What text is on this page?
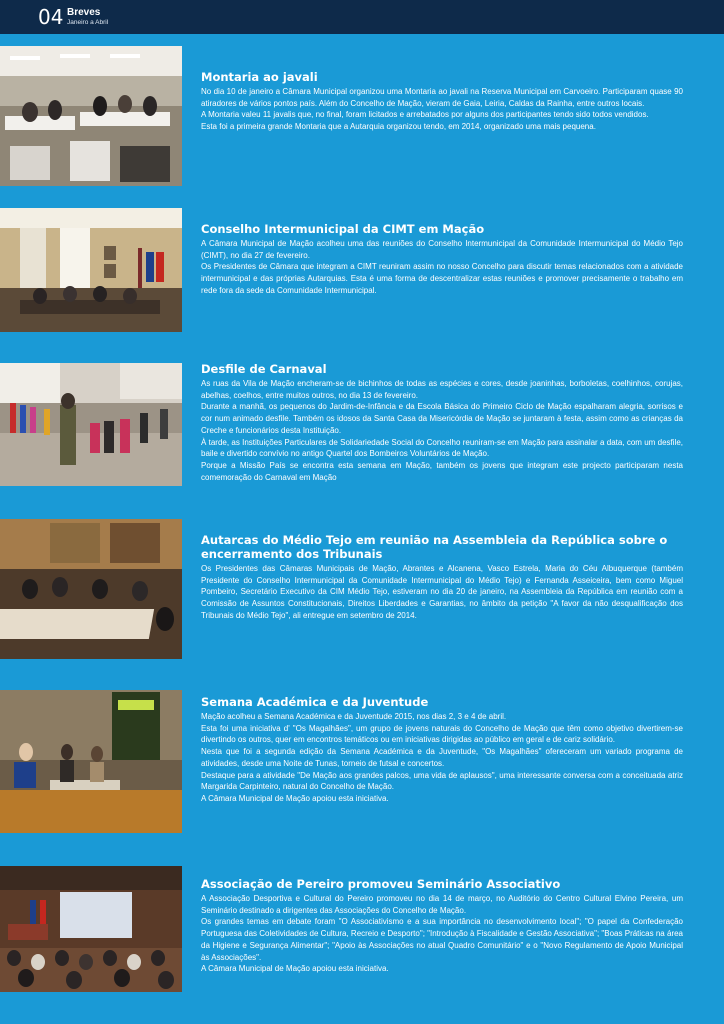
04 Breves
Janeiro a Abril
Montaria ao javali

No dia 10 de janeiro a Câmara Municipal organizou uma Montaria ao javali na Reserva Municipal em Carvoeiro. Participaram quase 90 atiradores de vários pontos país. Além do Concelho de Mação, vieram de Gaia, Leiria, Caldas da Rainha, entre outros locais.

A Montaria valeu 11 javalis que, no final, foram licitados e arrebatados por alguns dos participantes tendo sido todos vendidos.

Esta foi a primeira grande Montaria que a Autarquia organizou tendo, em 2014, organizado uma mais pequena.

Conselho Intermunicipal da CIMT em Mação

A Câmara Municipal de Mação acolheu uma das reuniões do Conselho Intermunicipal da Comunidade Intermunicipal do Médio Tejo (CIMT), no dia 27 de fevereiro.

Os Presidentes de Câmara que integram a CIMT reuniram assim no nosso Concelho para discutir temas relacionados com a atividade intermunicipal e das próprias Autarquias. Esta é uma forma de descentralizar estas reuniões e promover precisamente o trabalho em rede fora da sede da Comunidade Intermunicipal.

Desfile de Carnaval

As ruas da Vila de Mação encheram-se de bichinhos de todas as espécies e cores, desde joaninhas, borboletas, coelhinhos, corujas, abelhas, coelhos, entre muitos outros, no dia 13 de fevereiro.

Durante a manhã, os pequenos do Jardim-de-Infância e da Escola Básica do Primeiro Ciclo de Mação espalharam alegria, sorrisos e cor num animado desfile. Também os idosos da Santa Casa da Misericórdia de Mação se juntaram à festa, assim como as crianças da Creche e funcionários desta Instituição.

À tarde, as Instituições Particulares de Solidariedade Social do Concelho reuniram-se em Mação para assinalar a data, com um desfile, baile e divertido convívio no antigo Quartel dos Bombeiros Voluntários de Mação.

Porque a Missão País se encontra esta semana em Mação, também os jovens que integram este projecto participaram nesta comemoração do Carnaval em Mação

Autarcas do Médio Tejo em reunião na Assembleia da República sobre o encerramento dos Tribunais

Os Presidentes das Câmaras Municipais de Mação, Abrantes e Alcanena, Vasco Estrela, Maria do Céu Albuquerque (também Presidente do Conselho Intermunicipal da Comunidade Intermunicipal do Médio Tejo) e Fernanda Asseiceira, bem como Miguel Pombeiro, Secretário Executivo da CIM Médio Tejo, estiveram no dia 20 de janeiro, na Assembleia da República em reunião com a Comissão de Assuntos Constitucionais, Direitos Liberdades e Garantias, no âmbito da petição "A favor da não desqualificação dos Tribunais do Médio Tejo", ali entregue em setembro de 2014.

Semana Académica e da Juventude

Mação acolheu a Semana Académica e da Juventude 2015, nos dias 2, 3 e 4 de abril.

Esta foi uma iniciativa d' "Os Magalhães", um grupo de jovens naturais do Concelho de Mação que têm como objetivo divertirem-se divertindo os outros, quer em encontros temáticos ou em iniciativas dirigidas ao público em geral e de cariz solidário.

Nesta que foi a segunda edição da Semana Académica e da Juventude, "Os Magalhães" ofereceram um variado programa de atividades, desde uma Noite de Tunas, torneio de futsal e concertos.

Destaque para a atividade "De Mação aos grandes palcos, uma vida de aplausos", uma interessante conversa com a conceituada atriz Margarida Carpinteiro, natural do Concelho de Mação.

A Câmara Municipal de Mação apoiou esta iniciativa.

Associação de Pereiro promoveu Seminário Associativo

A Associação Desportiva e Cultural do Pereiro promoveu no dia 14 de março, no Auditório do Centro Cultural Elvino Pereira, um Seminário destinado a dirigentes das Associações do Concelho de Mação.

Os grandes temas em debate foram "O Associativismo e a sua importância no desenvolvimento local"; "O papel da Confederação Portuguesa das Coletividades de Cultura, Recreio e Desporto"; "Introdução à Fiscalidade e Gestão Associativa"; "Boas Práticas na área da Higiene e Segurança Alimentar"; "Apoio às Associações no atual Quadro Comunitário" e o "Novo Regulamento de Apoio Municipal às Associações".

A Câmara Municipal de Mação apoiou esta iniciativa.
